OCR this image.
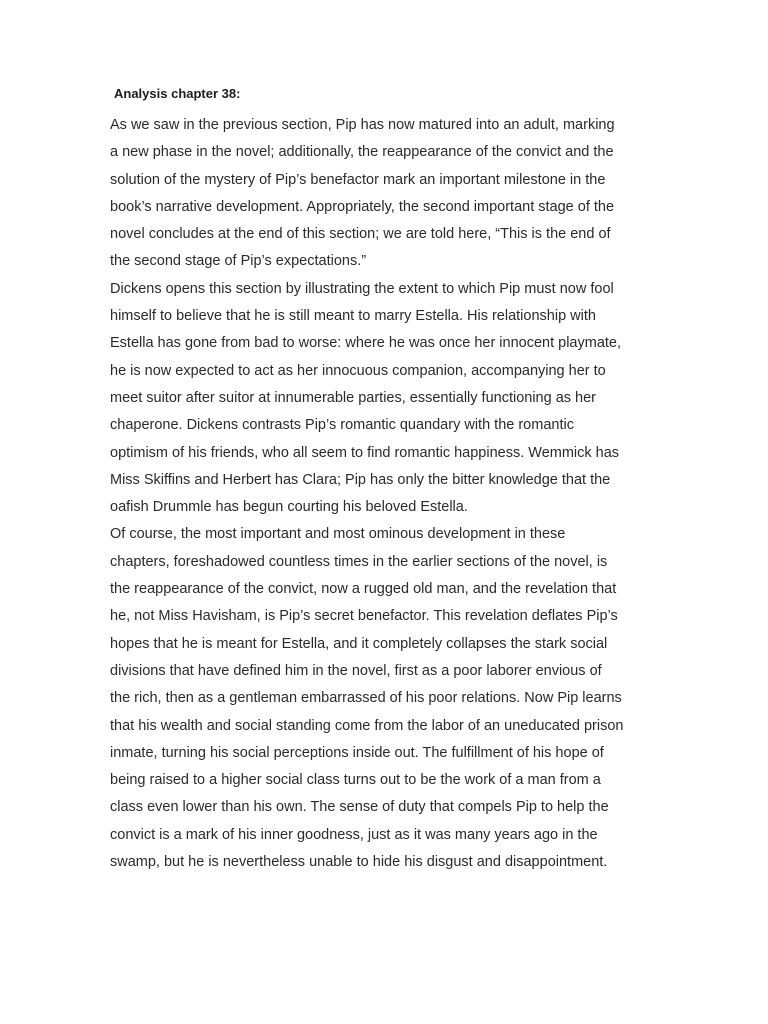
Analysis chapter 38:
As we saw in the previous section, Pip has now matured into an adult, marking
a new phase in the novel; additionally, the reappearance of the convict and the
solution of the mystery of Pip’s benefactor mark an important milestone in the
book’s narrative development. Appropriately, the second important stage of the
novel concludes at the end of this section; we are told here, “This is the end of
the second stage of Pip’s expectations.”
Dickens opens this section by illustrating the extent to which Pip must now fool
himself to believe that he is still meant to marry Estella. His relationship with
Estella has gone from bad to worse: where he was once her innocent playmate,
he is now expected to act as her innocuous companion, accompanying her to
meet suitor after suitor at innumerable parties, essentially functioning as her
chaperone. Dickens contrasts Pip’s romantic quandary with the romantic
optimism of his friends, who all seem to find romantic happiness. Wemmick has
Miss Skiffins and Herbert has Clara; Pip has only the bitter knowledge that the
oafish Drummle has begun courting his beloved Estella.
Of course, the most important and most ominous development in these
chapters, foreshadowed countless times in the earlier sections of the novel, is
the reappearance of the convict, now a rugged old man, and the revelation that
he, not Miss Havisham, is Pip’s secret benefactor. This revelation deflates Pip’s
hopes that he is meant for Estella, and it completely collapses the stark social
divisions that have defined him in the novel, first as a poor laborer envious of
the rich, then as a gentleman embarrassed of his poor relations. Now Pip learns
that his wealth and social standing come from the labor of an uneducated prison
inmate, turning his social perceptions inside out. The fulfillment of his hope of
being raised to a higher social class turns out to be the work of a man from a
class even lower than his own. The sense of duty that compels Pip to help the
convict is a mark of his inner goodness, just as it was many years ago in the
swamp, but he is nevertheless unable to hide his disgust and disappointment.
